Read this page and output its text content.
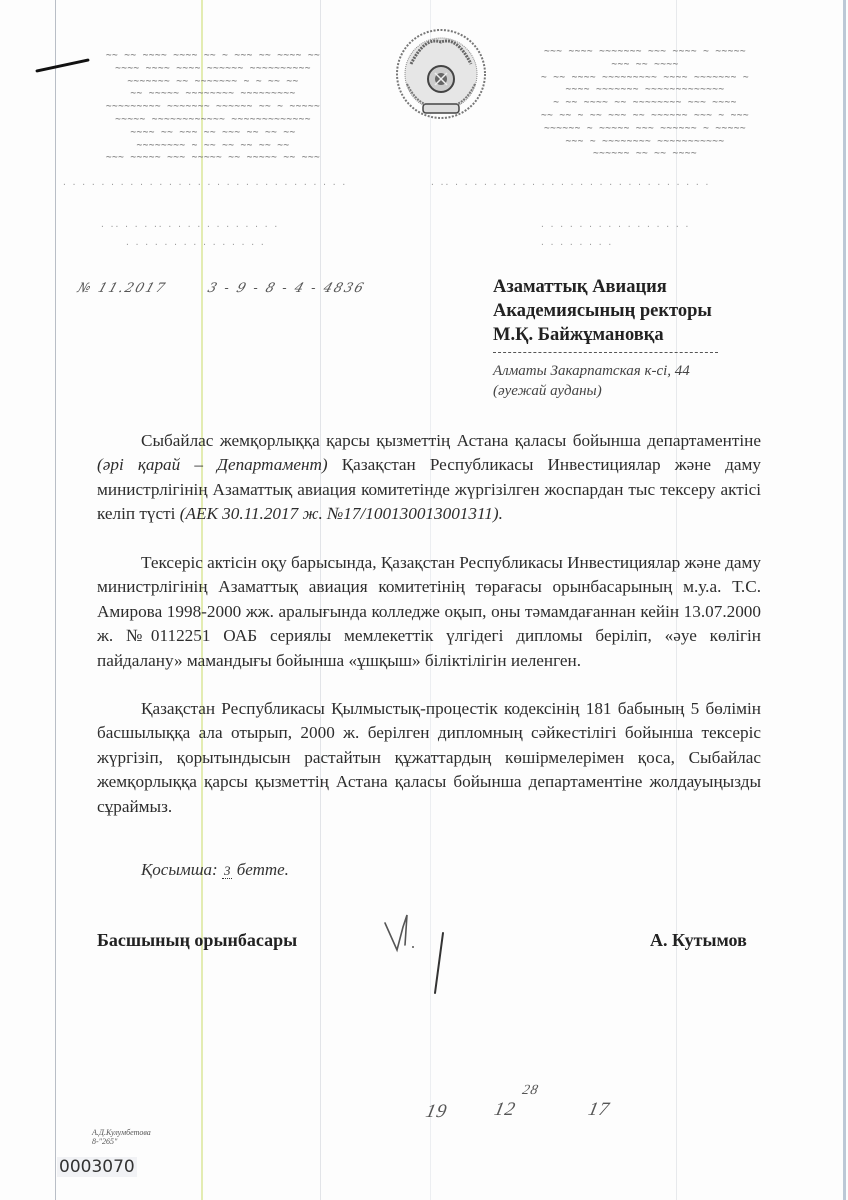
~~ ~~ ~~~~ ~~~~ ~~ ~ ~~~ ~~ ~~~~ ~~
~~~~ ~~~~ ~~~~ ~~~~~~ ~~~~~~~~~~
~~~~~~~ ~~ ~~~~~~~ ~ ~ ~~ ~~
~~ ~~~~~ ~~~~~~~~ ~~~~~~~~~
~~~~~~~~~ ~~~~~~~ ~~~~~~ ~~ ~ ~~~~~
~~~~~ ~~~~~~~~~~~~ ~~~~~~~~~~~~~
~~~~ ~~ ~~~ ~~ ~~~ ~~ ~~ ~~
~~~~~~~~ ~ ~~ ~~ ~~ ~~ ~~
~~~ ~~~~~ ~~~ ~~~~~ ~~ ~~~~~ ~~ ~~~
~~~ ~~~~ ~~~~~~~ ~~~ ~~~~ ~ ~~~~~
~~~ ~~ ~~~~
~ ~~ ~~~~ ~~~~~~~~~ ~~~~ ~~~~~~~ ~
~~~~ ~~~~~~~ ~~~~~~~~~~~~~
~ ~~ ~~~~ ~~ ~~~~~~~~ ~~~ ~~~~
~~ ~~ ~ ~~ ~~~ ~~ ~~~~~~ ~~~ ~ ~~~
~~~~~~ ~ ~~~~~ ~~~ ~~~~~~ ~ ~~~~~
~~~ ~ ~~~~~~~~ ~~~~~~~~~~~
~~~~~~ ~~ ~~ ~~~~
· · · · · · · · · · · · · · · · · · · · · · · · · · · · · ·
· ·· · · · ·· · · · · · · · · · · · ·
· · · · · · · · · · · · · · ·
· ·· · · · · · · · · · · · · · · · · · · · · · · · · · · ·
· · · · · · · · · · · · · · · ·
· · · · · · · ·
№ 11.2017	3 - 9 - 8 - 4 - 4836	Азаматтық Авиация
Академиясының ректоры
М.Қ. Байжұмановқа
Алматы Закарпатская к-сі, 44
(әуежай ауданы)

Сыбайлас жемқорлыққа қарсы қызметтің Астана қаласы бойынша департаментіне (әрі қарай – Департамент) Қазақстан Республикасы Инвестициялар және даму министрлігінің Азаматтық авиация комитетінде жүргізілген жоспардан тыс тексеру актісі келіп түсті (АЕК 30.11.2017 ж. №17/100130013001311).

Тексеріс актісін оқу барысында, Қазақстан Республикасы Инвестициялар және даму министрлігінің Азаматтық авиация комитетінің төрағасы орынбасарының м.у.а. Т.С. Амирова 1998-2000 жж. аралығында колледже оқып, оны тәмамдағаннан кейін 13.07.2000 ж. №0112251 ОАБ сериялы мемлекеттік үлгідегі дипломы беріліп, «әуе көлігін пайдалану» мамандығы бойынша «ұшқыш» біліктілігін иеленген.

Қазақстан Республикасы Қылмыстық-процестік кодексінің 181 бабының 5 бөлімін басшылыққа ала отырып, 2000 ж. берілген дипломның сәйкестілігі бойынша тексеріс жүргізіп, қорытындысын растайтын құжаттардың көшірмелерімен қоса, Сыбайлас жемқорлыққа қарсы қызметтің Астана қаласы бойынша департаментіне жолдауыңызды сұраймыз.

Қосымша: 3 бетте.
Басшының орынбасары	А. Кутымов
19 12
28
17
А.Д.Кулумбетова
8-"265"
0003070
